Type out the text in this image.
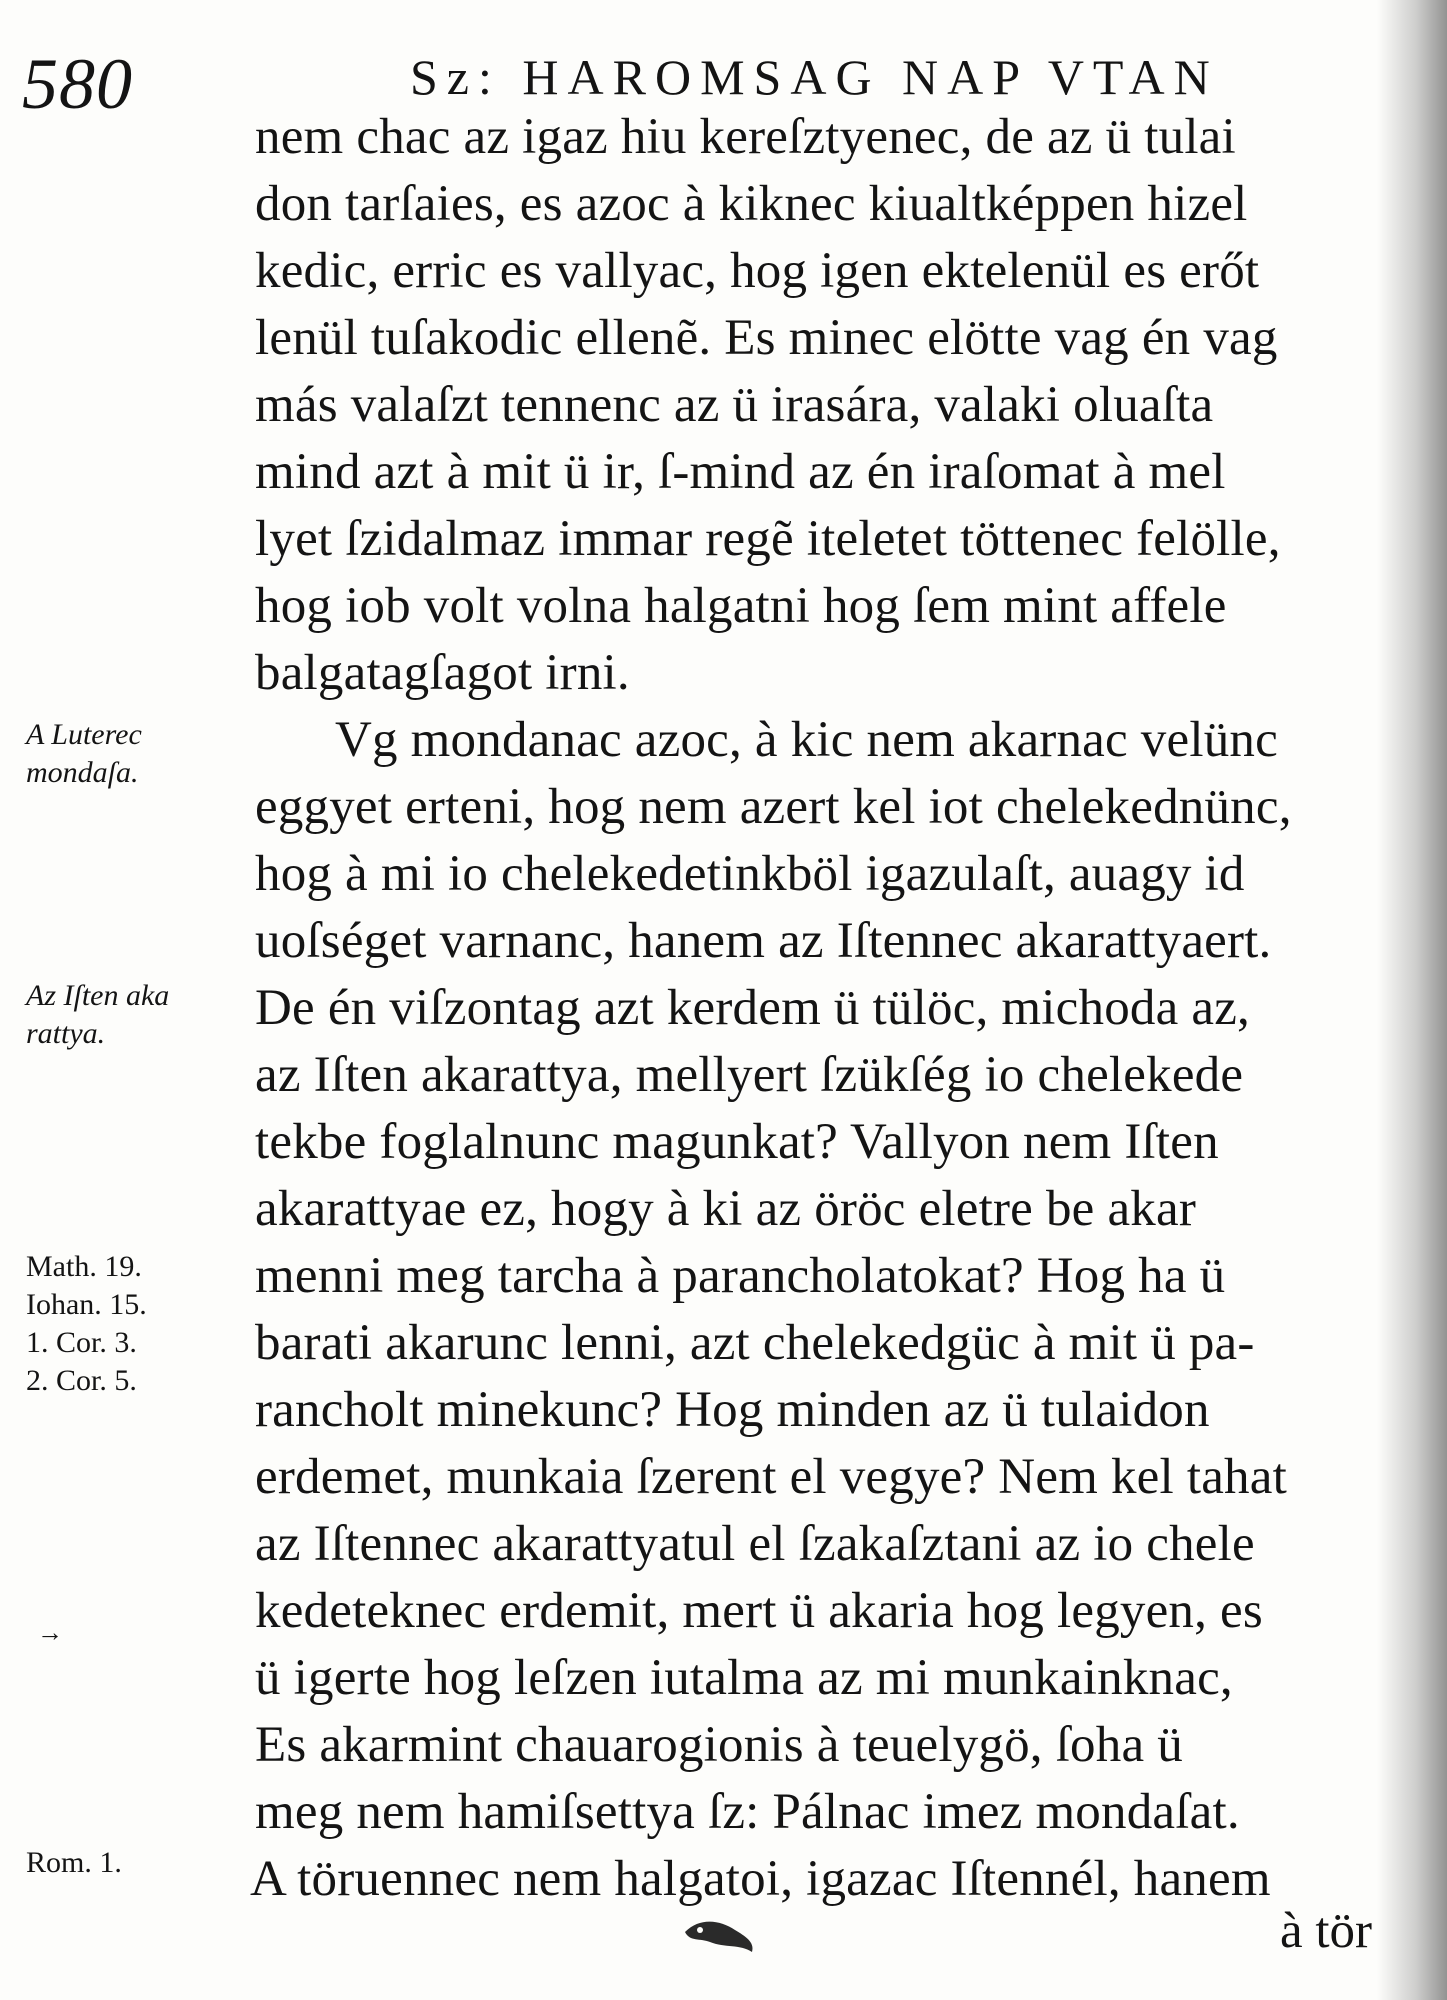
580	Sz: HAROMSAG NAP VTAN
A Luterec
mondaſa.
Az Iſten aka
rattya.
Math. 19.
Iohan. 15.
1. Cor. 3.
2. Cor. 5.
Rom. 1.
→
nem chac az igaz hiu kereſztyenec, de az ü tulai
don tarſaies, es azoc à kiknec kiualtképpen hizel
kedic, erric es vallyac, hog igen ektelenül es erőt
lenül tuſakodic ellenẽ. Es minec elötte vag én vag
más valaſzt tennenc az ü irasára, valaki oluaſta
mind azt à mit ü ir, ſ-mind az én iraſomat à mel
lyet ſzidalmaz immar regẽ iteletet töttenec felölle,
hog iob volt volna halgatni hog ſem mint affele
balgatagſagot irni.
Vg mondanac azoc, à kic nem akarnac velünc
eggyet erteni, hog nem azert kel iot chelekednünc,
hog à mi io chelekedetinkböl igazulaſt, auagy id
uoſséget varnanc, hanem az Iſtennec akarattyaert.
De én viſzontag azt kerdem ü tülöc, michoda az,
az Iſten akarattya, mellyert ſzükſég io chelekede
tekbe foglalnunc magunkat? Vallyon nem Iſten
akarattyae ez, hogy à ki az öröc eletre be akar
menni meg tarcha à parancholatokat? Hog ha ü
barati akarunc lenni, azt chelekedgüc à mit ü pa-
rancholt minekunc? Hog minden az ü tulaidon
erdemet, munkaia ſzerent el vegye? Nem kel tahat
az Iſtennec akarattyatul el ſzakaſztani az io chele
kedeteknec erdemit, mert ü akaria hog legyen, es
ü igerte hog leſzen iutalma az mi munkainknac,
Es akarmint chauarogionis à teuelygö, ſoha ü
meg nem hamiſsettya ſz: Pálnac imez mondaſat.
A töruennec nem halgatoi, igazac Iſtennél, hanem
à tör
